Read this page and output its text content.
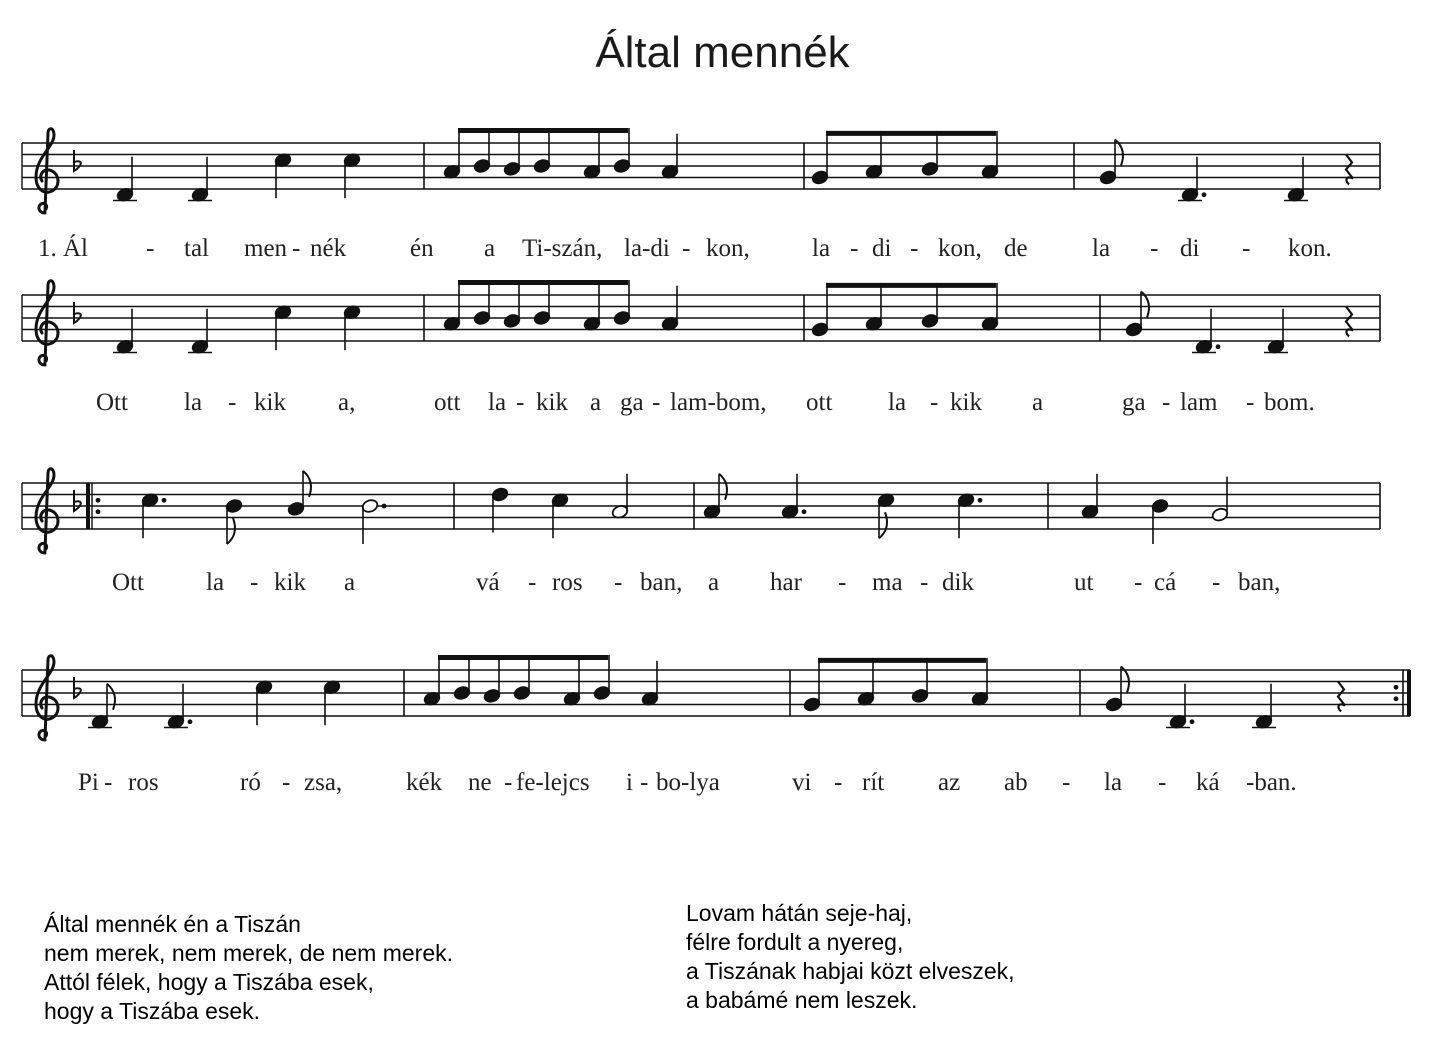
Által mennék
1. Ál - tal men - nék	én a Ti-szán, la-di - kon, la - di - kon, de	la - di - kon.
Ott la - kik a,	ott la - kik a ga - lam-bom, ott la - kik a	ga - lam - bom.
Ott la - kik a	vá - ros - ban, a har - ma - dik	ut - cá - ban,
Pi - ros	ró - zsa,	kék ne - fe-lejcs i - bo-lya	vi - rít az ab - la - ká -ban.
Által mennék én a Tiszán
nem merek, nem merek, de nem merek.
Attól félek, hogy a Tiszába esek,
hogy a Tiszába esek.
Lovam hátán seje-haj,
félre fordult a nyereg,
a Tiszának habjai közt elveszek,
a babámé nem leszek.
